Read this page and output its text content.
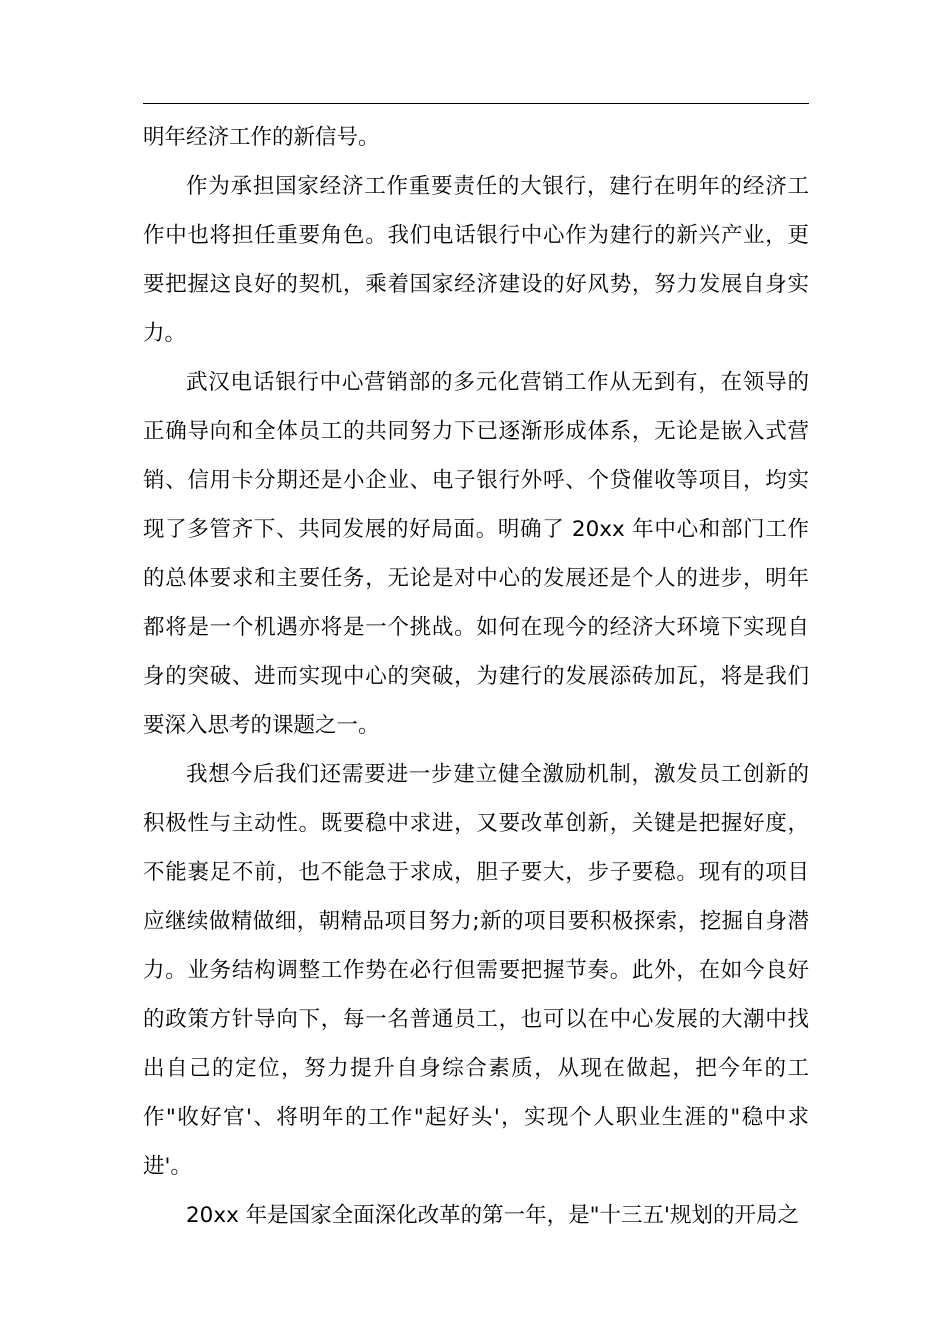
明年经济工作的新信号。

作为承担国家经济工作重要责任的大银行，建行在明年的经济工作中也将担任重要角色。我们电话银行中心作为建行的新兴产业，更要把握这良好的契机，乘着国家经济建设的好风势，努力发展自身实力。

武汉电话银行中心营销部的多元化营销工作从无到有，在领导的正确导向和全体员工的共同努力下已逐渐形成体系，无论是嵌入式营销、信用卡分期还是小企业、电子银行外呼、个贷催收等项目，均实现了多管齐下、共同发展的好局面。明确了 20xx 年中心和部门工作的总体要求和主要任务，无论是对中心的发展还是个人的进步，明年都将是一个机遇亦将是一个挑战。如何在现今的经济大环境下实现自身的突破、进而实现中心的突破，为建行的发展添砖加瓦，将是我们要深入思考的课题之一。

我想今后我们还需要进一步建立健全激励机制，激发员工创新的积极性与主动性。既要稳中求进，又要改革创新，关键是把握好度，不能裹足不前，也不能急于求成，胆子要大，步子要稳。现有的项目应继续做精做细，朝精品项目努力;新的项目要积极探索，挖掘自身潜力。业务结构调整工作势在必行但需要把握节奏。此外，在如今良好的政策方针导向下，每一名普通员工，也可以在中心发展的大潮中找出自己的定位，努力提升自身综合素质，从现在做起，把今年的工作"收好官'、将明年的工作"起好头'，实现个人职业生涯的"稳中求进'。

20xx 年是国家全面深化改革的第一年，是"十三五'规划的开局之
